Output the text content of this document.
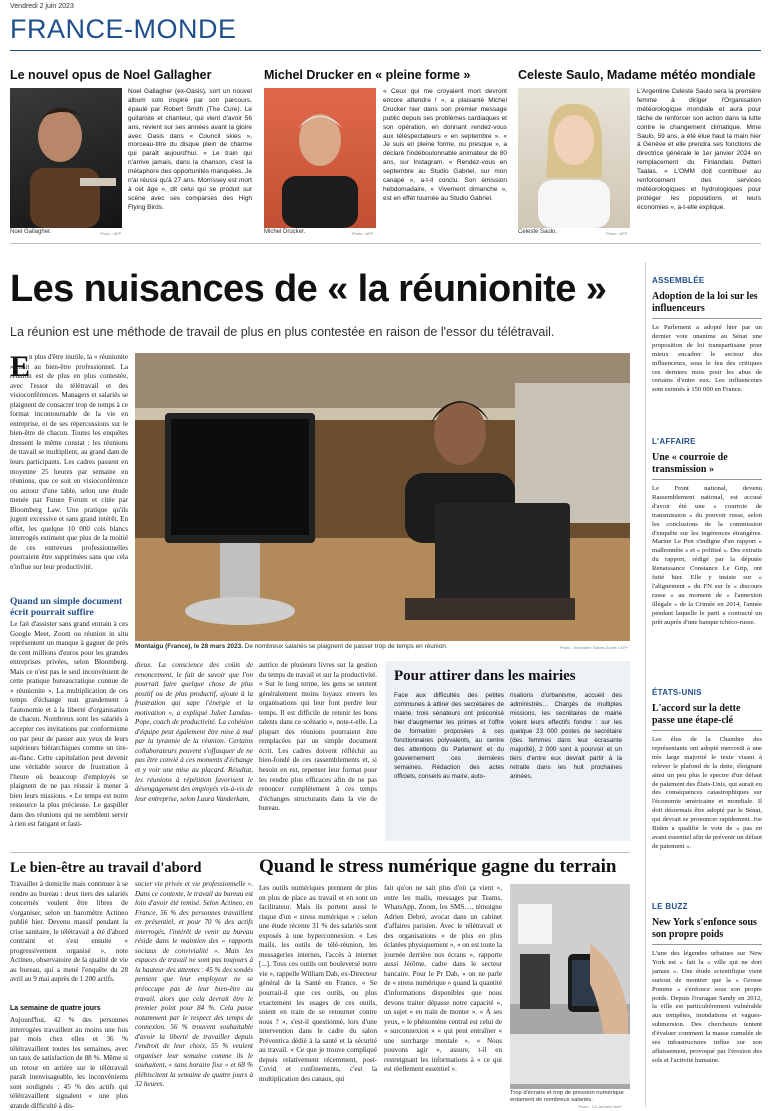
Vendredi 2 juin 2023
FRANCE-MONDE
Le nouvel opus de Noel Gallagher
Noel Gallagher.	Photo : AFP
Noel Gallagher (ex-Oasis), sort un nouvel album solo inspiré par son parcours, épaulé par Robert Smith (The Cure). Le guitariste et chanteur, qui vient d'avoir 56 ans, revient sur ses années avant la gloire avec Oasis dans « Council skies », morceau-titre du disque plein de charme qui paraît aujourd'hui. « Le train qui n'arrive jamais, dans la chanson, c'est la métaphore des opportunités manquées. Je n'ai réussi qu'à 27 ans. Morrissey est mort à cet âge », dit celui qui se produit sur scène avec ses comparses des High Flying Birds.
Michel Drucker en « pleine forme »
Michel Drucker.	Photo : AFP
« Ceux qui me croyaient mort devront encore attendre ! », a plaisanté Michel Drucker hier dans son premier message public depuis ses problèmes cardiaques et son opération, en donnant rendez-vous aux téléspectateurs « en septembre ». « Je suis en pleine forme, ou presque », a déclaré l'indéboulonnable animateur de 80 ans, sur Instagram. « Rendez-vous en septembre au Studio Gabriel, sur mon canapé », a-t-il conclu. Son émission hebdomadaire, « Vivement dimanche », est en effet tournée au Studio Gabriel.
Celeste Saulo, Madame météo mondiale
Celeste Saulo.	Photo : AFP
L'Argentine Celeste Saulo sera la première femme à diriger l'Organisation météorologique mondiale et aura pour tâche de renforcer son action dans la lutte contre le changement climatique. Mme Saulo, 59 ans, a été élue haut la main hier à Genève et elle prendra ses fonctions de directrice générale le 1er janvier 2024 en remplacement du Finlandais Petteri Taalas. « L'OMM doit contribuer au renforcement des services météorologiques et hydrologiques pour protéger les populations et leurs économies », a-t-elle expliqué.
Les nuisances de « la réunionite »
La réunion est une méthode de travail de plus en plus contestée en raison de l'essor du télétravail.
E
n plus d'être inutile, la « réunionite » nuit au bien-être professionnel. La réunion est de plus en plus contestée, avec l'essor du télétravail et des visioconférences. Managers et salariés se plaignent de consacrer trop de temps à ce format incontournable de la vie en entreprise, et de ses répercussions sur le bien-être de chacun. Toutes les enquêtes dressent le même constat : les réunions de travail se multiplient, au grand dam de leurs participants. Les cadres passent en moyenne 25 heures par semaine en réunions, que ce soit en visioconférence ou autour d'une table, selon une étude menée par Future Forum et citée par Bloomberg Law. Une pratique qu'ils jugent excessive et sans grand intérêt. En effet, les quelque 10 000 cols blancs interrogés estiment que plus de la moitié de ces entrevues professionnelles pourraient être supprimées sans que cela n'influe sur leur productivité.
Quand un simple document écrit pourrait suffire
Le fait d'assister sans grand entrain à ces Google Meet, Zoom ou réunion in situ représentent un manque à gagner de près de cent millions d'euros pour les grandes entreprises privées, selon Bloomberg. Mais ce n'est pas le seul inconvénient de cette pratique bureaucratique connue de « réunionite ». La multiplication de ces temps d'échange nuit grandement à l'autonomie et à la liberté d'organisation de chacun. Nombreux sont les salariés à accepter ces invitations par conformisme ou par peur de passer aux yeux de leurs supérieurs hiérarchiques comme un tire-au-flanc. Cette capitulation peut devenir une véritable source de frustration à l'heure où beaucoup d'employés se plaignent de ne pas réussir à mener à bien leurs missions. « Le temps est notre ressource la plus précieuse. Le gaspiller dans des réunions qui ne semblent servir à rien est fatigant et fasti-
Montaigu (France), le 28 mars 2023. De nombreux salariés se plaignent de passer trop de temps en réunion.	Photo : Sébastien Salom-Gomis / AFP
dieux. La conscience des coûts de renoncement, le fait de savoir que l'on pourrait faire quelque chose de plus positif ou de plus productif, ajoute à la frustration qui sape l'énergie et la motivation », a expliqué Juliet Landau-Pope, coach de productivité. La cohésion d'équipe peut également être mise à mal par la tyrannie de la réunion. Certains collaborateurs peuvent s'offusquer de ne pas être convié à ces moments d'échange et y voir une mise au placard. Résultat, les réunions à répétition favorisent le désengagement des employés vis-à-vis de leur entreprise, selon Laura Vanderkam,
autrice de plusieurs livres sur la gestion du temps de travail et sur la productivité. « Sur le long terme, les gens se sentent généralement moins loyaux envers les organisations qui leur font perdre leur temps. Il est difficile de retenir les bons talents dans ce scénario », note-t-elle. La plupart des réunions pourraient être remplacées par un simple document écrit. Les cadres doivent réfléchir au bien-fondé de ces rassemblements et, si besoin en est, repenser leur format pour les rendre plus efficaces afin de ne pas renoncer complètement à ces temps d'échanges structurants dans la vie de bureau.
Pour attirer dans les mairies
Face aux difficultés des petites communes à attirer des secrétaires de mairie, trois sénateurs ont préconisé hier d'augmenter les primes et l'offre de formation proposées à ces fonctionnaires polyvalents, au centre des attentions du Parlement et du gouvernement ces dernières semaines. Rédaction des actes officiels, conseils au maire, auto-
risations d'urbanisme, accueil des administrés… Chargés de multiples missions, les secrétaires de mairie voient leurs effectifs fondre : sur les quelque 23 000 postes de secrétaire (des femmes dans leur écrasante majorité), 2 000 sont à pourvoir et un tiers d'entre eux devrait partir à la retraite dans les huit prochaines années.
Le bien-être au travail d'abord
Travailler à domicile mais continuer à se rendre au bureau : deux tiers des salariés concernés veulent être libres de s'organiser, selon un baromètre Actineo publié hier. Devenu massif pendant la crise sanitaire, le télétravail a été d'abord contraint et s'est ensuite « progressivement organisé », note Actineo, observatoire de la qualité de vie au bureau, qui a mené l'enquête du 28 avril au 9 mai auprès de 1 200 actifs.
La semaine de quatre jours
Aujourd'hui, 42 % des personnes interrogées travaillent au moins une fois par mois chez elles et 36 % télétravaillent toutes les semaines, avec un taux de satisfaction de 88 %. Même si un retour en arrière sur le télétravail paraît inenvisageable, les inconvénients sont soulignés : 45 % des actifs qui télétravaillent signalent « une plus grande difficulté à dis-
socier vie privée et vie professionnelle ». Dans ce contexte, le travail au bureau est loin d'avoir été remisé. Selon Actineo, en France, 56 % des personnes travaillent en présentiel, et pour 70 % des actifs interrogés, l'intérêt de venir au bureau réside dans le maintien des « rapports sociaux de convivialité ». Mais les espaces de travail ne sont pas toujours à la hauteur des attentes : 45 % des sondés pensent que leur employeur ne se préoccupe pas de leur bien-être au travail, alors que cela devrait être le premier point pour 84 %. Cela passe notamment par le respect des temps de connexion. 56 % trouvent souhaitable d'avoir la liberté de travailler depuis l'endroit de leur choix, 55 % veulent organiser leur semaine comme ils le souhaitent, « sans horaire fixe » et 68 % plébiscitent la semaine de quatre jours à 32 heures.
Quand le stress numérique gagne du terrain
Les outils numériques prennent de plus en plus de place au travail et en sont un facilitateur. Mais ils portent aussi le risque d'un « stress numérique » : selon une étude récente 31 % des salariés sont exposés à une hyperconnexion. « Les mails, les outils de télé-réunion, les messageries internes, l'accès à internet [...]. Tous ces outils ont bouleversé notre vie », rappelle William Dab, ex-Directeur général de la Santé en France. « Se pourrait-il que ces outils, ou plus exactement les usages de ces outils, soient en train de se retourner contre nous ? », s'est-il questionné, lors d'une intervention dans le cadre du salon Préventica dédié à la santé et la sécurité au travail. « Ce que je trouve compliqué depuis relativement récemment, post-Covid et confinements, c'est la multiplication des canaux, qui
fait qu'on ne sait plus d'où ça vient », entre les mails, messages par Teams, WhatsApp, Zoom, les SMS…, témoigne Adrien Debré, avocat dans un cabinet d'affaires parisien. Avec le télétravail et des organisations « de plus en plus éclatées physiquement », « on est toute la journée derrière nos écrans », rapporte aussi Jérôme, cadre dans le secteur bancaire. Pour le Pr Dab, « on ne parle de « stress numérique » quand la quantité d'informations disponibles que nous devons traiter dépasse notre capacité », un sujet « en train de monter ». « À ses yeux, « le phénomène central est celui de « surconnexion » « qui peut entraîner « une surcharge mentale ». « Nous pouvons agir », assure, t-il en restreignant les informations à « ce qui est réellement essentiel ».
Trop d'écrans et trop de pression numérique entament de nombreux salariés.
Photo : CC Andrew Neel
ASSEMBLÉE
Adoption de la loi sur les influenceurs
Le Parlement a adopté hier par un dernier vote unanime au Sénat une proposition de loi transpartisane pour mieux encadrer le secteur des influenceurs, sous le feu des critiques ces derniers mois pour les abus de certains d'entre eux. Les influenceurs sont estimés à 150 000 en France.
L'AFFAIRE
Une « courroie de transmission »
Le Front national, devenu Rassemblement national, est accusé d'avoir été une « courroie de transmission » du pouvoir russe, selon les conclusions de la commission d'enquête sur les ingérences étrangères. Marine Le Pen s'indigne d'un rapport « malhonnête » et « politisé ». Des extraits du rapport, rédigé par la députée Renaissance Constance Le Grip, ont fuité hier. Elle y insiste sur « l'alignement » du FN sur le « discours russe » au moment de « l'annexion illégale » de la Crimée en 2014, l'année pendant laquelle le parti a contracté un prêt auprès d'une banque tchéco-russe.
ÉTATS-UNIS
L'accord sur la dette passe une étape-clé
Les élus de la Chambre des représentants ont adopté mercredi à une très large majorité le texte visant à relever le plafond de la dette, éloignant ainsi un peu plus le spectre d'un défaut de paiement des États-Unis, qui aurait eu des conséquences catastrophiques sur l'économie américaine et mondiale. Il doit désormais être adopté par le Sénat, qui devrait se prononcer rapidement. Joe Biden a qualifié le vote de « pas en avant essentiel afin de prévenir un défaut de paiement ».
LE BUZZ
New York s'enfonce sous son propre poids
L'une des légendes urbaines sur New York est « fait la « ville qui ne dort jamais ». Une étude scientifique vient surtout de montrer que la « Grosse Pomme » s'enfonce sous son propre poids. Depuis l'ouragan Sandy en 2012, la ville est particulièrement vulnérable aux tempêtes, inondations et vagues-submersion. Des chercheurs tentent d'évaluer comment la masse cumulée de ses infrastructures influe sur son affaissement, provoqué par l'érosion des sols et l'activité humaine.
